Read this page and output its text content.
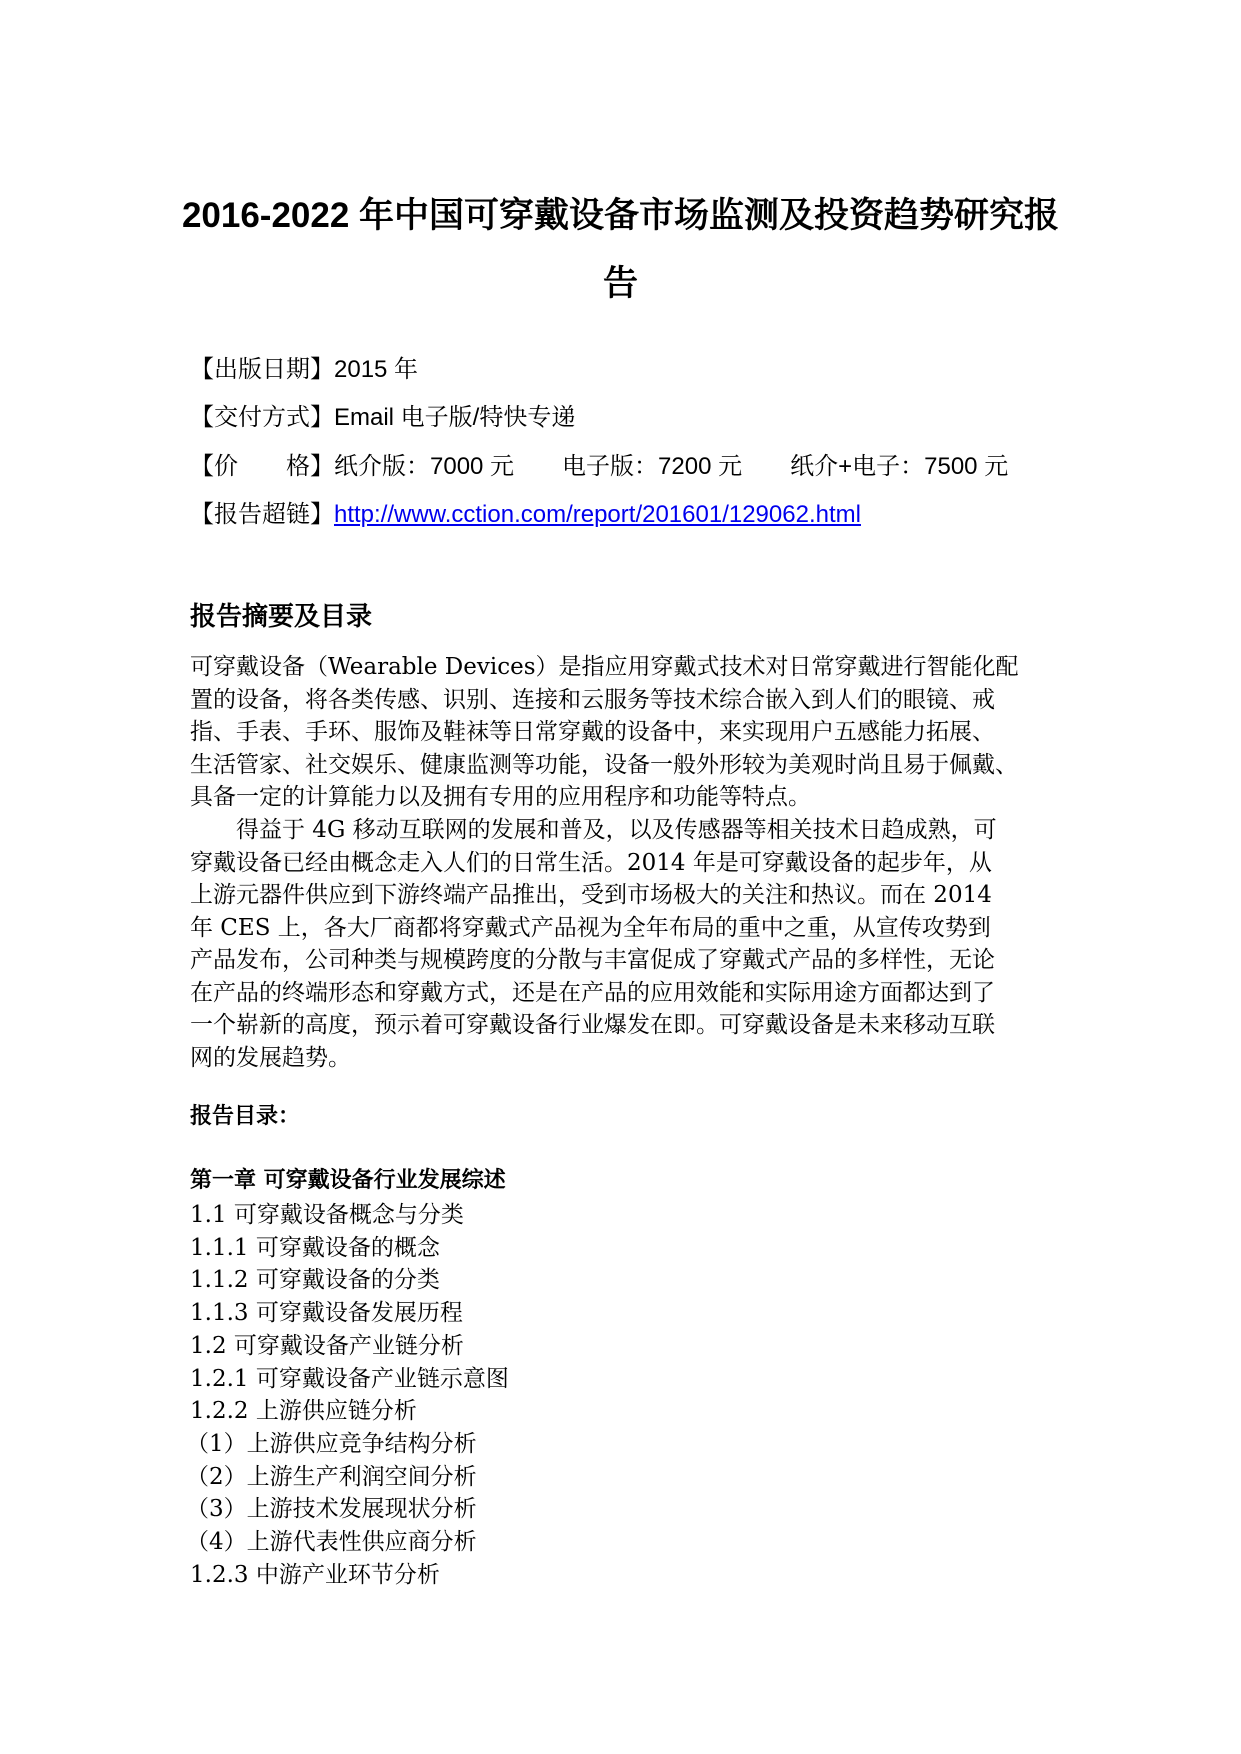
2016-2022 年中国可穿戴设备市场监测及投资趋势研究报
告
【出版日期】2015 年
【交付方式】Email 电子版/特快专递
【价　　格】纸介版：7000 元　　电子版：7200 元　　纸介+电子：7500 元
【报告超链】http://www.cction.com/report/201601/129062.html
报告摘要及目录
可穿戴设备（Wearable Devices）是指应用穿戴式技术对日常穿戴进行智能化配
置的设备，将各类传感、识别、连接和云服务等技术综合嵌入到人们的眼镜、戒
指、手表、手环、服饰及鞋袜等日常穿戴的设备中，来实现用户五感能力拓展、
生活管家、社交娱乐、健康监测等功能，设备一般外形较为美观时尚且易于佩戴、
具备一定的计算能力以及拥有专用的应用程序和功能等特点。
　　得益于 4G 移动互联网的发展和普及，以及传感器等相关技术日趋成熟，可
穿戴设备已经由概念走入人们的日常生活。2014 年是可穿戴设备的起步年，从
上游元器件供应到下游终端产品推出，受到市场极大的关注和热议。而在 2014
年 CES 上，各大厂商都将穿戴式产品视为全年布局的重中之重，从宣传攻势到
产品发布，公司种类与规模跨度的分散与丰富促成了穿戴式产品的多样性，无论
在产品的终端形态和穿戴方式，还是在产品的应用效能和实际用途方面都达到了
一个崭新的高度，预示着可穿戴设备行业爆发在即。可穿戴设备是未来移动互联
网的发展趋势。
报告目录：
第一章 可穿戴设备行业发展综述
1.1 可穿戴设备概念与分类
1.1.1 可穿戴设备的概念
1.1.2 可穿戴设备的分类
1.1.3 可穿戴设备发展历程
1.2 可穿戴设备产业链分析
1.2.1 可穿戴设备产业链示意图
1.2.2 上游供应链分析
（1）上游供应竞争结构分析
（2）上游生产利润空间分析
（3）上游技术发展现状分析
（4）上游代表性供应商分析
1.2.3 中游产业环节分析
